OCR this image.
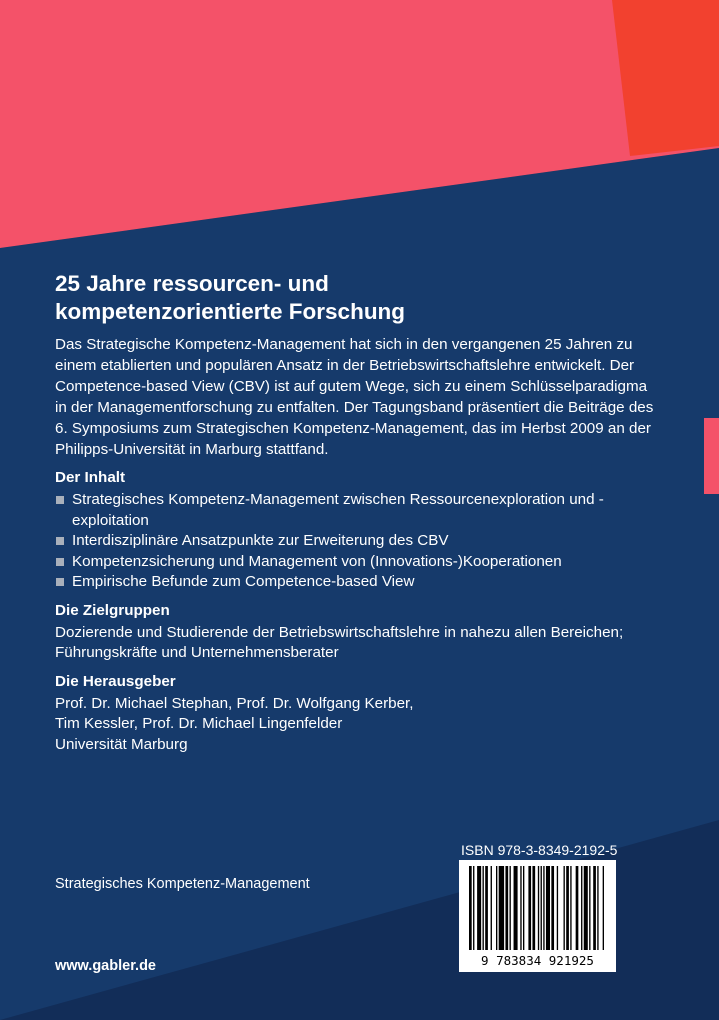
25 Jahre ressourcen- und
kompetenzorientierte Forschung

Das Strategische Kompetenz-Management hat sich in den vergangenen 25 Jahren zu einem etablierten und populären Ansatz in der Betriebswirtschaftslehre entwickelt. Der Competence-based View (CBV) ist auf gutem Wege, sich zu einem Schlüsselparadigma in der Managementforschung zu entfalten. Der Tagungsband präsentiert die Beiträge des 6. Symposiums zum Strategischen Kompetenz-Management, das im Herbst 2009 an der Philipps-Universität in Marburg stattfand.

Der Inhalt
Strategisches Kompetenz-Management zwischen Ressourcenexploration und -exploitation
Interdisziplinäre Ansatzpunkte zur Erweiterung des CBV
Kompetenzsicherung und Management von (Innovations-)Kooperationen
Empirische Befunde zum Competence-based View
Die Zielgruppen

Dozierende und Studierende der Betriebswirtschaftslehre in nahezu allen Bereichen; Führungskräfte und Unternehmensberater

Die Herausgeber

Prof. Dr. Michael Stephan, Prof. Dr. Wolfgang Kerber,
Tim Kessler, Prof. Dr. Michael Lingenfelder
Universität Marburg

Strategisches Kompetenz-Management
www.gabler.de
ISBN 978-3-8349-2192-5
9 783834 921925
